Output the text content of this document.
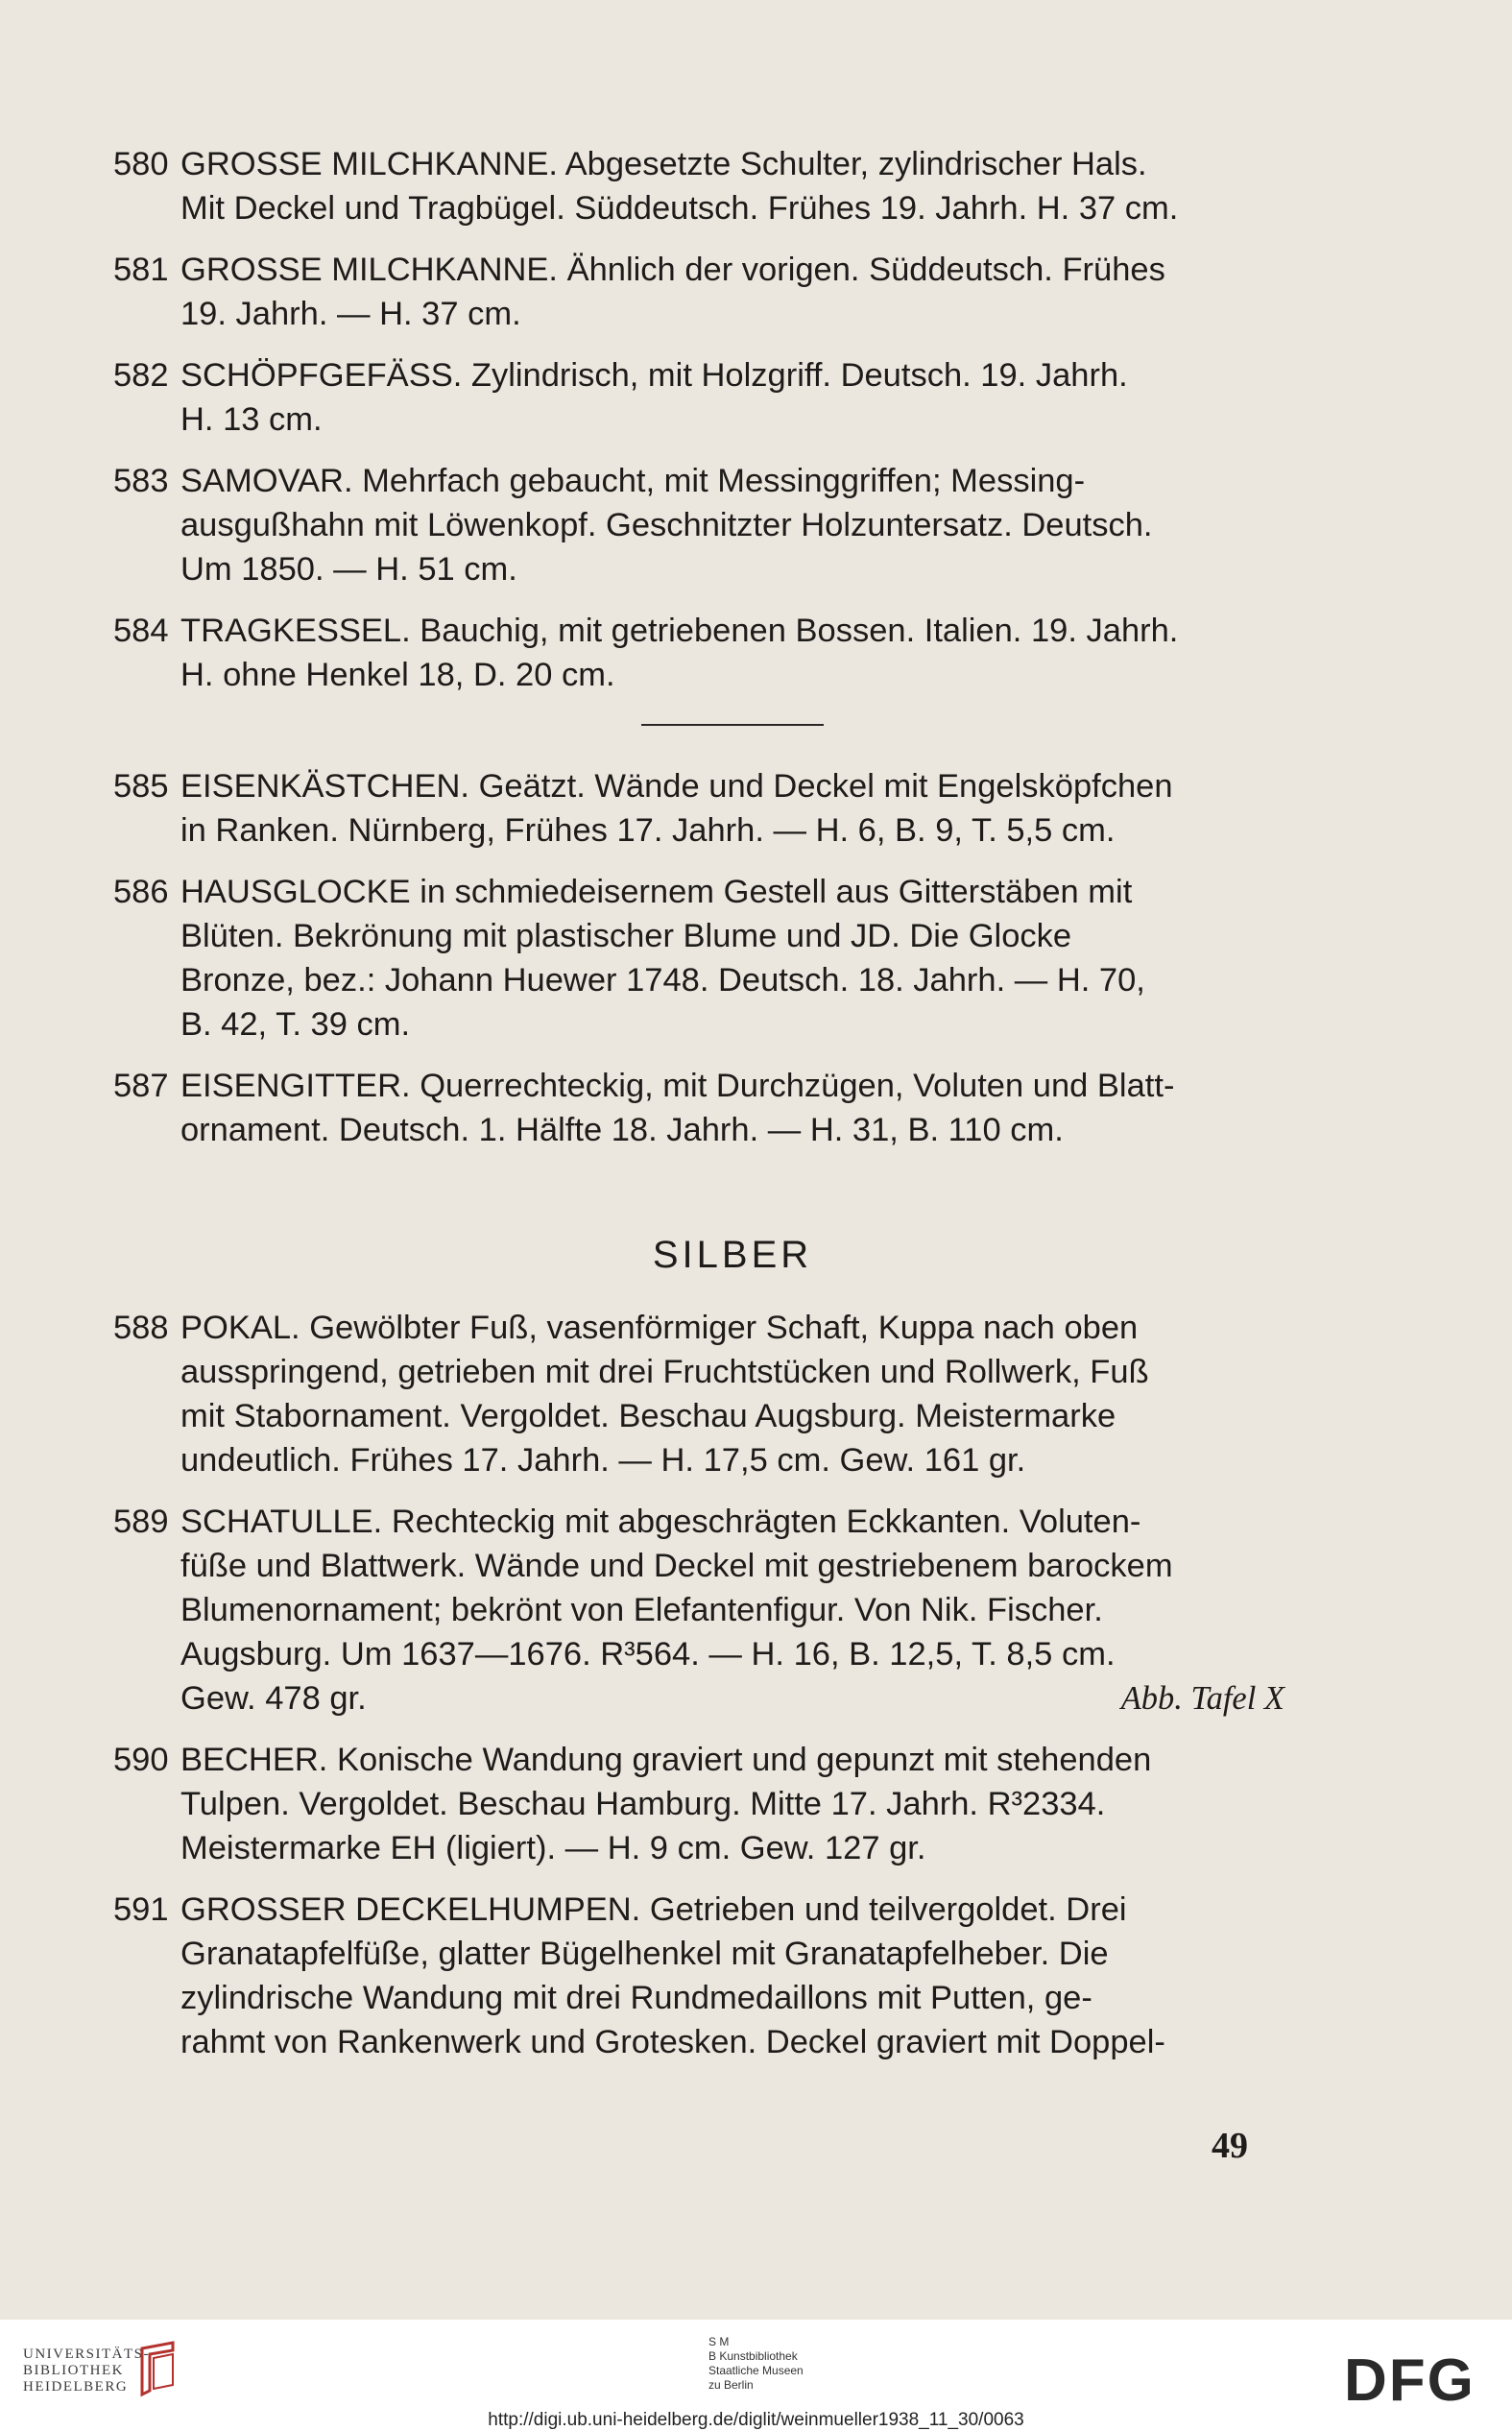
580 GROSSE MILCHKANNE. Abgesetzte Schulter, zylindrischer Hals.
Mit Deckel und Tragbügel. Süddeutsch. Frühes 19. Jahrh. H. 37 cm.
581 GROSSE MILCHKANNE. Ähnlich der vorigen. Süddeutsch. Frühes
19. Jahrh. — H. 37 cm.
582 SCHÖPFGEFÄSS. Zylindrisch, mit Holzgriff. Deutsch. 19. Jahrh.
H. 13 cm.
583 SAMOVAR. Mehrfach gebaucht, mit Messinggriffen; Messing-
ausgußhahn mit Löwenkopf. Geschnitzter Holzuntersatz. Deutsch.
Um 1850. — H. 51 cm.
584 TRAGKESSEL. Bauchig, mit getriebenen Bossen. Italien. 19. Jahrh.
H. ohne Henkel 18, D. 20 cm.
585 EISENKÄSTCHEN. Geätzt. Wände und Deckel mit Engelsköpfchen
in Ranken. Nürnberg, Frühes 17. Jahrh. — H. 6, B. 9, T. 5,5 cm.
586 HAUSGLOCKE in schmiedeisernem Gestell aus Gitterstäben mit
Blüten. Bekrönung mit plastischer Blume und JD. Die Glocke
Bronze, bez.: Johann Huewer 1748. Deutsch. 18. Jahrh. — H. 70,
B. 42, T. 39 cm.
587 EISENGITTER. Querrechteckig, mit Durchzügen, Voluten und Blatt-
ornament. Deutsch. 1. Hälfte 18. Jahrh. — H. 31, B. 110 cm.
SILBER
588 POKAL. Gewölbter Fuß, vasenförmiger Schaft, Kuppa nach oben
ausspringend, getrieben mit drei Fruchtstücken und Rollwerk, Fuß
mit Stabornament. Vergoldet. Beschau Augsburg. Meistermarke
undeutlich. Frühes 17. Jahrh. — H. 17,5 cm. Gew. 161 gr.
589 SCHATULLE. Rechteckig mit abgeschrägten Eckkanten. Voluten-
füße und Blattwerk. Wände und Deckel mit gestriebenem barockem
Blumenornament; bekrönt von Elefantenfigur. Von Nik. Fischer.
Augsburg. Um 1637—1676. R³564. — H. 16, B. 12,5, T. 8,5 cm.
Gew. 478 gr.	Abb. Tafel X
590 BECHER. Konische Wandung graviert und gepunzt mit stehenden
Tulpen. Vergoldet. Beschau Hamburg. Mitte 17. Jahrh. R³2334.
Meistermarke EH (ligiert). — H. 9 cm. Gew. 127 gr.
591 GROSSER DECKELHUMPEN. Getrieben und teilvergoldet. Drei
Granatapfelfüße, glatter Bügelhenkel mit Granatapfelheber. Die
zylindrische Wandung mit drei Rundmedaillons mit Putten, ge-
rahmt von Rankenwerk und Grotesken. Deckel graviert mit Doppel-
49
UNIVERSITÄTS-
BIBLIOTHEK
HEIDELBERG
S M
B Kunstbibliothek
Staatliche Museen
zu Berlin	DFG
http://digi.ub.uni-heidelberg.de/diglit/weinmueller1938_11_30/0063
